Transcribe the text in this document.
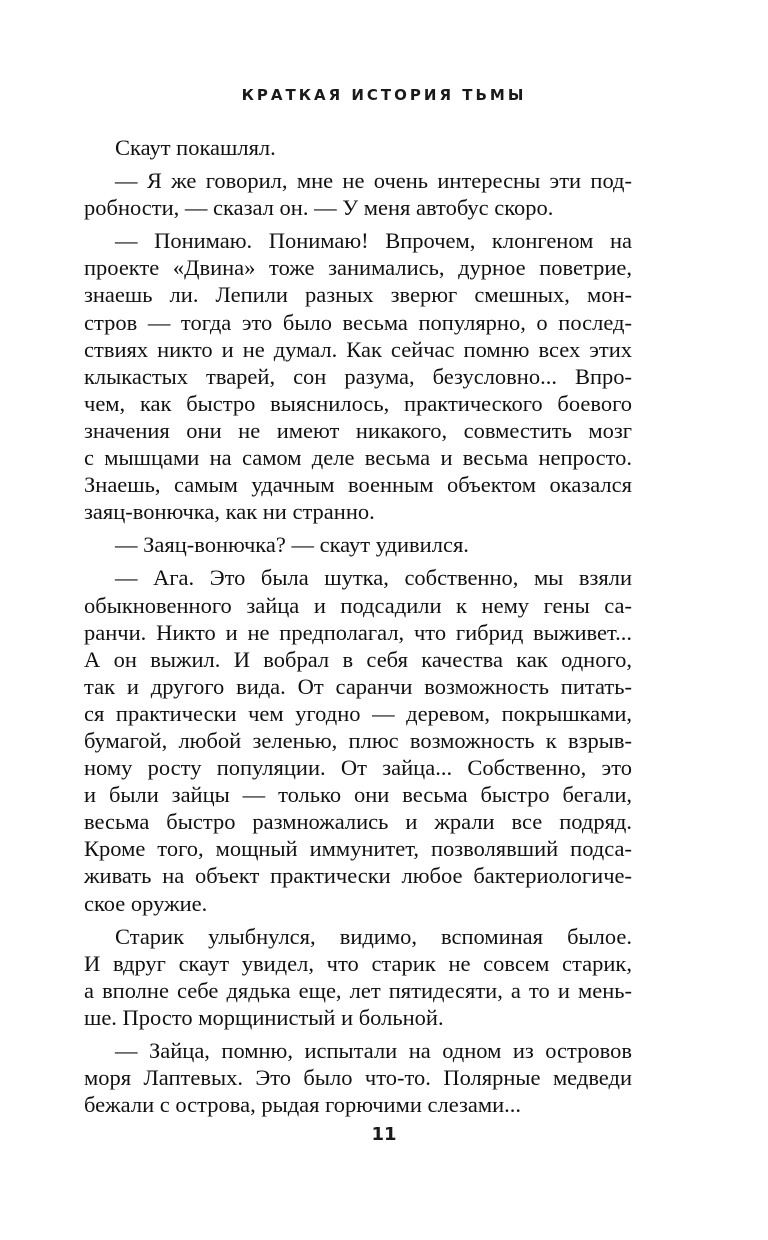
КРАТКАЯ ИСТОРИЯ ТЬМЫ
Скаут покашлял.
— Я же говорил, мне не очень интересны эти под-
робности, — сказал он. — У меня автобус скоро.
— Понимаю. Понимаю! Впрочем, клонгеном на
проекте «Двина» тоже занимались, дурное поветрие,
знаешь ли. Лепили разных зверюг смешных, мон-
стров — тогда это было весьма популярно, о послед-
ствиях никто и не думал. Как сейчас помню всех этих
клыкастых тварей, сон разума, безусловно... Впро-
чем, как быстро выяснилось, практического боевого
значения они не имеют никакого, совместить мозг
с мышцами на самом деле весьма и весьма непросто.
Знаешь, самым удачным военным объектом оказался
заяц-вонючка, как ни странно.
— Заяц-вонючка? — скаут удивился.
— Ага. Это была шутка, собственно, мы взяли
обыкновенного зайца и подсадили к нему гены са-
ранчи. Никто и не предполагал, что гибрид выживет...
А он выжил. И вобрал в себя качества как одного,
так и другого вида. От саранчи возможность питать-
ся практически чем угодно — деревом, покрышками,
бумагой, любой зеленью, плюс возможность к взрыв-
ному росту популяции. От зайца... Собственно, это
и были зайцы — только они весьма быстро бегали,
весьма быстро размножались и жрали все подряд.
Кроме того, мощный иммунитет, позволявший подса-
живать на объект практически любое бактериологиче-
ское оружие.
Старик улыбнулся, видимо, вспоминая былое.
И вдруг скаут увидел, что старик не совсем старик,
а вполне себе дядька еще, лет пятидесяти, а то и мень-
ше. Просто морщинистый и больной.
— Зайца, помню, испытали на одном из островов
моря Лаптевых. Это было что-то. Полярные медведи
бежали с острова, рыдая горючими слезами...
11
